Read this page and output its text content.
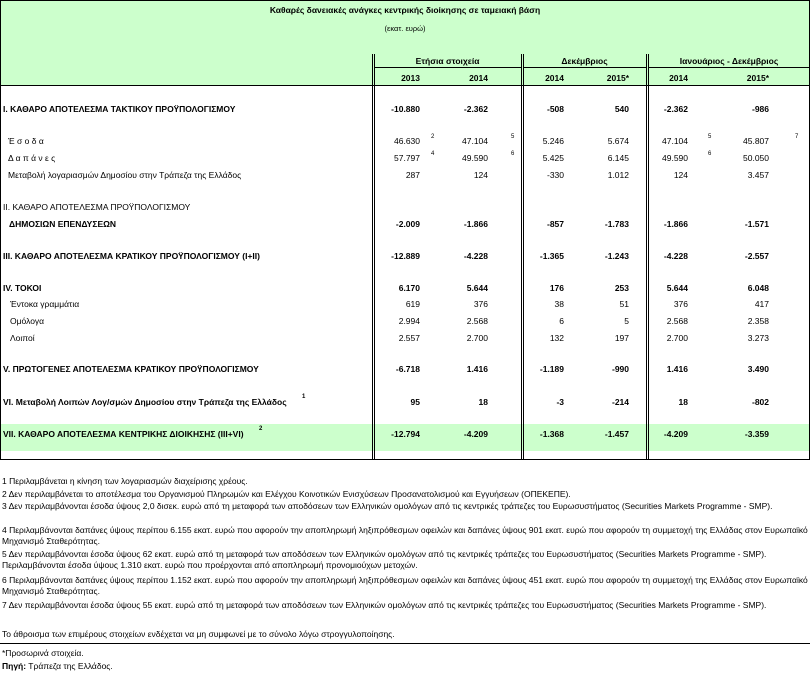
Καθαρές δανειακές ανάγκες κεντρικής διοίκησης σε ταμειακή βάση
(εκατ. ευρώ)
Ετήσια στοιχεία	Δεκέμβριος	Ιανουάριος - Δεκέμβριος
2013	2014	2014	2015*	2014	2015*
I. ΚΑΘΑΡΟ ΑΠΟΤΕΛΕΣΜΑ ΤΑΚΤΙΚΟΥ ΠΡΟΫΠΟΛΟΓΙΣΜΟΥ	-10.880	-2.362	-508	540	-2.362	-986
Έ σ ο δ α	46.630 2	47.104	5	5.246	5.674	47.104	5	45.807	7
Δ α π ά ν ε ς	57.797 4	49.590	6	5.425	6.145	49.590	6	50.050
Μεταβολή λογαριασμών Δημοσίου στην Τράπεζα της Ελλάδος	287	124	-330	1.012	124	3.457
II. ΚΑΘΑΡΟ ΑΠΟΤΕΛΕΣΜΑ ΠΡΟΫΠΟΛΟΓΙΣΜΟΥ
ΔΗΜΟΣΙΩΝ ΕΠΕΝΔΥΣΕΩΝ	-2.009	-1.866	-857	-1.783	-1.866	-1.571
III. ΚΑΘΑΡΟ ΑΠΟΤΕΛΕΣΜΑ ΚΡΑΤΙΚΟΥ ΠΡΟΫΠΟΛΟΓΙΣΜΟΥ (I+II)	-12.889	-4.228	-1.365	-1.243	-4.228	-2.557
IV. ΤΟΚΟΙ	6.170	5.644	176	253	5.644	6.048
Έντοκα γραμμάτια	619	376	38	51	376	417
Ομόλογα	2.994	2.568	6	5	2.568	2.358
Λοιποί	2.557	2.700	132	197	2.700	3.273
V. ΠΡΩΤΟΓΕΝΕΣ ΑΠΟΤΕΛΕΣΜΑ ΚΡΑΤΙΚΟΥ ΠΡΟΫΠΟΛΟΓΙΣΜΟΥ	-6.718	1.416	-1.189	-990	1.416	3.490
VI. Μεταβολή Λοιπών Λογ/σμών Δημοσίου στην Τράπεζα της Ελλάδος	1	95	18	-3	-214	18	-802
VII. ΚΑΘΑΡΟ ΑΠΟΤΕΛΕΣΜΑ ΚΕΝΤΡΙΚΗΣ ΔΙΟΙΚΗΣΗΣ (III+VI)	2	-12.794	-4.209	-1.368	-1.457	-4.209	-3.359
1 Περιλαμβάνεται η κίνηση των λογαριασμών διαχείρισης χρέους.
2 Δεν περιλαμβάνεται το αποτέλεσμα του Οργανισμού Πληρωμών και Ελέγχου Κοινοτικών Ενισχύσεων Προσανατολισμού και Εγγυήσεων (ΟΠΕΚΕΠΕ).
3 Δεν περιλαμβάνονται έσοδα ύψους 2,0 δισεκ. ευρώ από τη μεταφορά των αποδόσεων των Ελληνικών ομολόγων από τις κεντρικές τράπεζες του Ευρωσυστήματος (Securities Markets Programme - SMP).
4 Περιλαμβάνονται δαπάνες ύψους περίπου 6.155 εκατ. ευρώ που αφορούν την αποπληρωμή ληξιπρόθεσμων οφειλών και δαπάνες ύψους 901 εκατ. ευρώ που αφορούν τη συμμετοχή της Ελλάδας στον Ευρωπαϊκό Μηχανισμό Σταθερότητας.
5 Δεν περιλαμβάνονται έσοδα ύψους 62 εκατ. ευρώ από τη μεταφορά των αποδόσεων των Ελληνικών ομολόγων από τις κεντρικές τράπεζες του Ευρωσυστήματος (Securities Markets Programme - SMP). Περιλαμβάνονται έσοδα ύψους 1.310 εκατ. ευρώ που προέρχονται από αποπληρωμή προνομιούχων μετοχών.
6 Περιλαμβάνονται δαπάνες ύψους περίπου 1.152 εκατ. ευρώ που αφορούν την αποπληρωμή ληξιπρόθεσμων οφειλών και δαπάνες ύψους 451 εκατ. ευρώ που αφορούν τη συμμετοχή της Ελλάδας στον Ευρωπαϊκό Μηχανισμό Σταθερότητας.
7 Δεν περιλαμβάνονται έσοδα ύψους 55 εκατ. ευρώ από τη μεταφορά των αποδόσεων των Ελληνικών ομολόγων από τις κεντρικές τράπεζες του Ευρωσυστήματος (Securities Markets Programme - SMP).
Το άθροισμα των επιμέρους στοιχείων ενδέχεται να μη συμφωνεί με το σύνολο λόγω στρογγυλοποίησης.
*Προσωρινά στοιχεία.
Πηγή: Τράπεζα της Ελλάδος.
